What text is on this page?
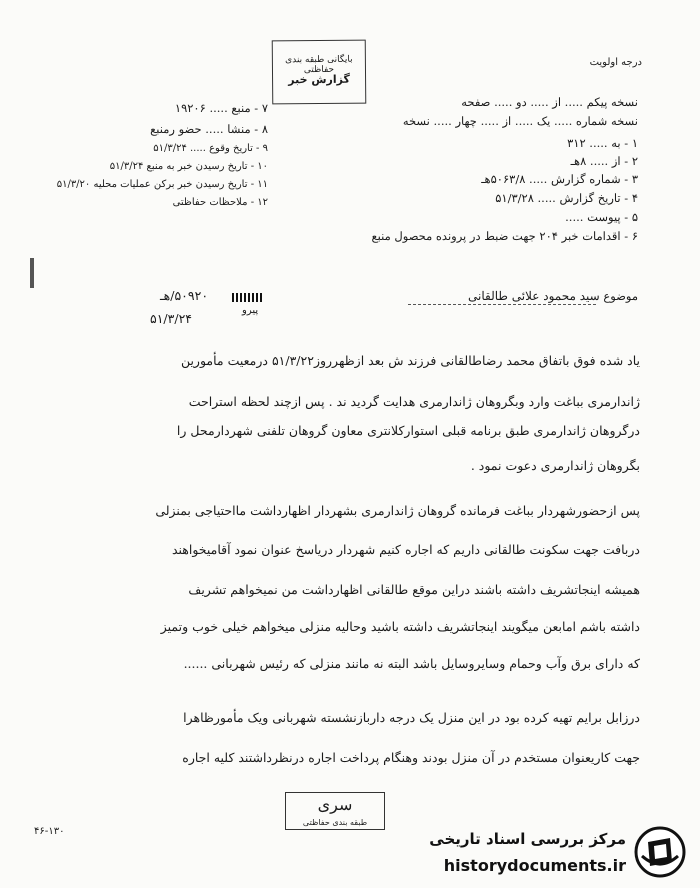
درجه اولویت
بایگانی طبقه بندی حفاظتی
گزارش خبر
نسخه پیکم ..... از ..... دو ..... صفحه
نسخه شماره ..... یک ..... از ..... چهار ..... نسخه
۱ - به ..... ۳۱۲
۲ - از ..... ۸هـ
۳ - شماره گزارش ..... ۵۰۶۳/۸هـ
۴ - تاریخ گزارش ..... ۵۱/۳/۲۸
۵ - پیوست .....
۶ - اقدامات خبر ۲۰۴ جهت ضبط در پرونده محصول منبع
۷ - منبع ..... ۱۹۲۰۶
۸ - منشا ..... حضو رمنبع
۹ - تاریخ وقوع ..... ۵۱/۳/۲۴
۱۰ - تاریخ رسیدن خبر به منبع ۵۱/۳/۲۴
۱۱ - تاریخ رسیدن خبر برکن عملیات محلیه ۵۱/۳/۲۰
۱۲ - ملاحظات حفاظتی
موضوع سید محمود علائی طالقانی
۵۰۹۲۰/هـ
پیرو
۵۱/۳/۲۴
یاد شده فوق باتفاق محمد رضاطالقانی فرزند ش بعد ازظهرروز۵۱/۳/۲۲ درمعیت مأمورین
ژاندارمری بباغت وارد وبگروهان ژاندارمری هدایت گردید ند . پس ازچند لحظه استراحت
درگروهان ژاندارمری طبق برنامه قبلی استوارکلانتری معاون گروهان تلفنی شهردارمحل را
بگروهان ژاندارمری دعوت نمود .
پس ازحضورشهردار بباغت فرمانده گروهان ژاندارمری بشهردار اظهارداشت مااحتیاجی بمنزلی
دربافت جهت سکونت طالقانی داریم که اجاره کنیم شهردار دریاسخ عنوان نمود آقامیخواهند
همیشه اینجاتشریف داشته باشند دراین موقع طالقانی اظهارداشت من نمیخواهم تشریف
داشته باشم امابعن میگویند اینجاتشریف داشته باشید وحالیه منزلی میخواهم خیلی خوب وتمیز
که دارای برق وآب وحمام وسایروسایل باشد البته نه مانند منزلی که رئیس شهربانی ......
درزابل برایم تهیه کرده بود در این منزل یک درجه داربازنشسته شهربانی ویک مأمورظاهرا
جهت کاریعنوان مستخدم در آن منزل بودند وهنگام پرداخت اجاره درنظرداشتند کلیه اجاره
سری
طبقه بندی حفاظتی
۴۶-۱۳۰	مرکز بررسی اسناد تاریخی
historydocuments.ir
